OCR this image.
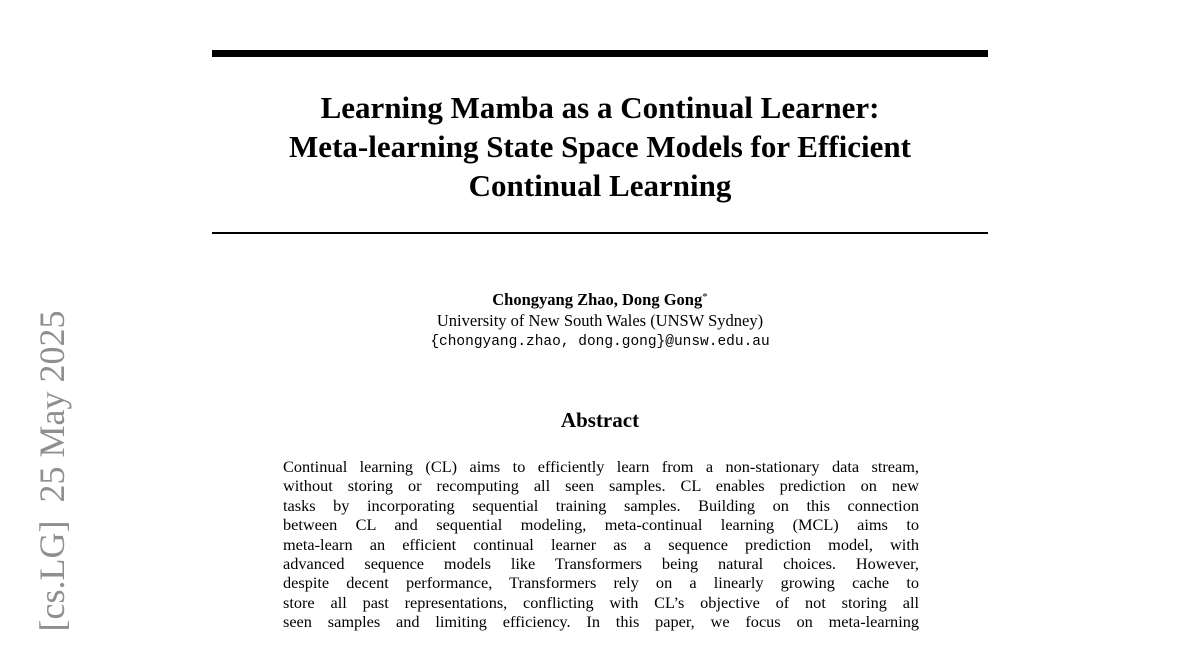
[cs.LG]  25 May 2025
Learning Mamba as a Continual Learner:
Meta-learning State Space Models for Efficient
Continual Learning
Chongyang Zhao, Dong Gong*
University of New South Wales (UNSW Sydney)
{chongyang.zhao, dong.gong}@unsw.edu.au
Abstract
Continual learning (CL) aims to efficiently learn from a non-stationary data stream,
without storing or recomputing all seen samples. CL enables prediction on new
tasks by incorporating sequential training samples. Building on this connection
between CL and sequential modeling, meta-continual learning (MCL) aims to
meta-learn an efficient continual learner as a sequence prediction model, with
advanced sequence models like Transformers being natural choices. However,
despite decent performance, Transformers rely on a linearly growing cache to
store all past representations, conflicting with CL’s objective of not storing all
seen samples and limiting efficiency. In this paper, we focus on meta-learning
